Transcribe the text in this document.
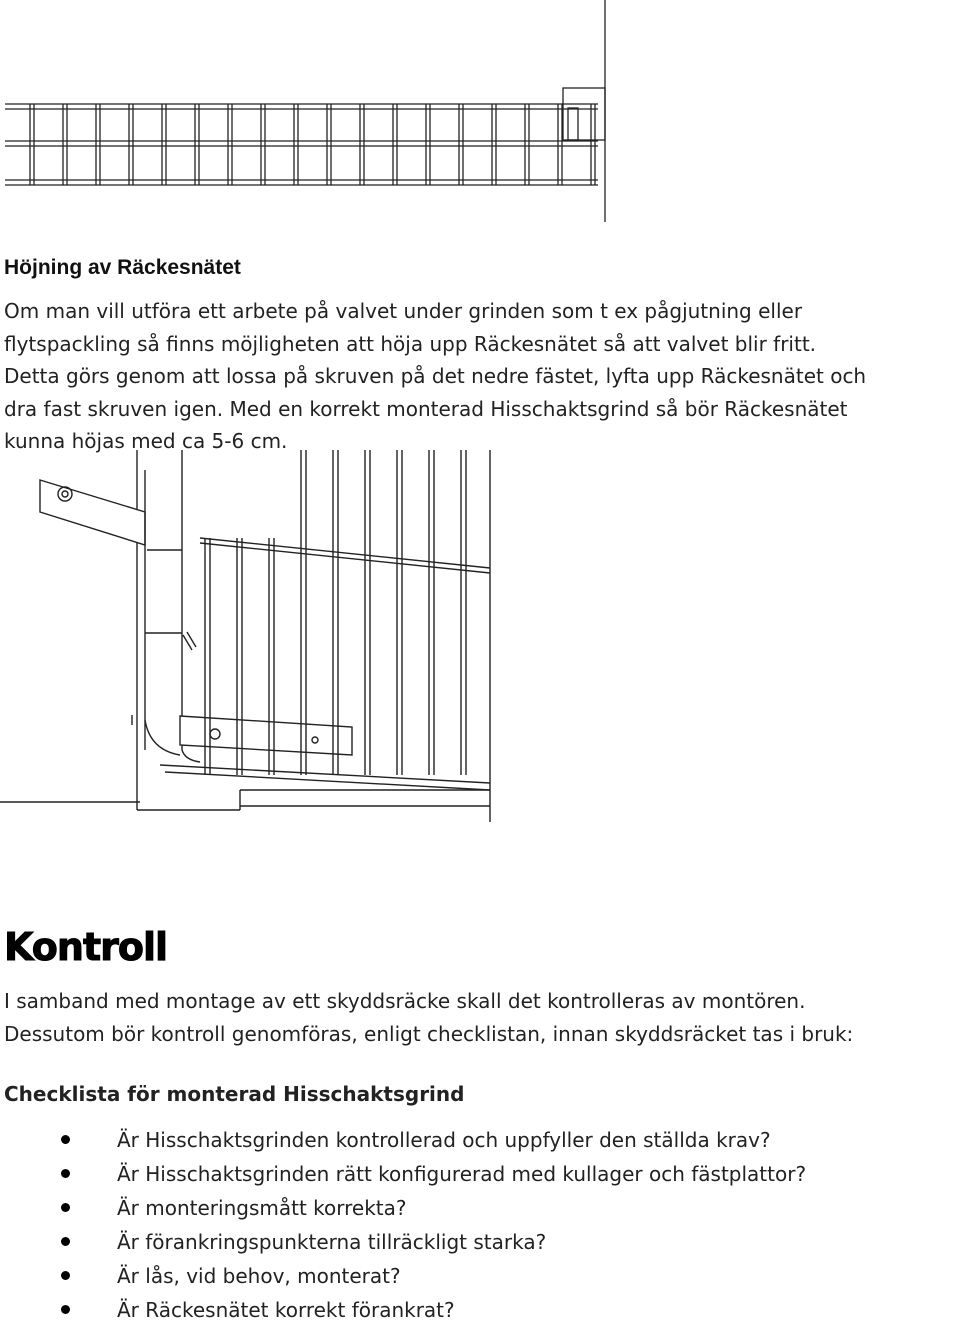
Höjning av Räckesnätet
Om man vill utföra ett arbete på valvet under grinden som t ex pågjutning eller
flytspackling så finns möjligheten att höja upp Räckesnätet så att valvet blir fritt.
Detta görs genom att lossa på skruven på det nedre fästet, lyfta upp Räckesnätet och
dra fast skruven igen. Med en korrekt monterad Hisschaktsgrind så bör Räckesnätet
kunna höjas med ca 5-6 cm.
Kontroll
I samband med montage av ett skyddsräcke skall det kontrolleras av montören.
Dessutom bör kontroll genomföras, enligt checklistan, innan skyddsräcket tas i bruk:
Checklista för monterad Hisschaktsgrind
Är Hisschaktsgrinden kontrollerad och uppfyller den ställda krav?
Är Hisschaktsgrinden rätt konfigurerad med kullager och fästplattor?
Är monteringsmått korrekta?
Är förankringspunkterna tillräckligt starka?
Är lås, vid behov, monterat?
Är Räckesnätet korrekt förankrat?
